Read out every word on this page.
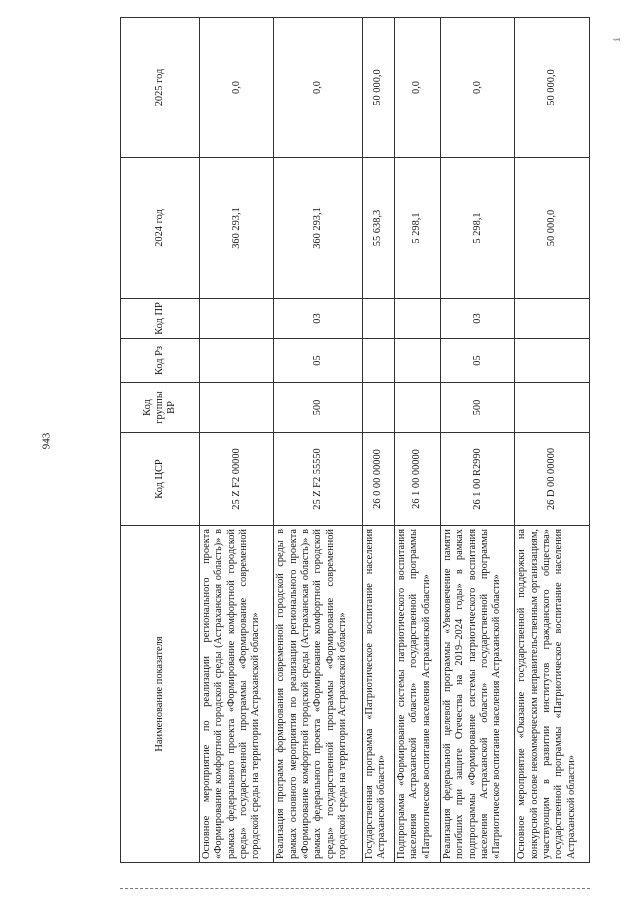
943
ℹ
Наименование показателя	Код ЦСР	Код группы ВР	Код Рз	Код ПР	2024 год	2025 год
Основное мероприятие по реализации регионального проекта «Формирование комфортной городской среды (Астраханская область)» в рамках федерального проекта «Формирование комфортной городской среды» государственной программы «Формирование современной городской среды на территории Астраханской области»	25 Z F2 00000				360 293,1	0,0
Реализация программ формирования современной городской среды в рамках основного мероприятия по реализации регионального проекта «Формирование комфортной городской среды (Астраханская область)» в рамках федерального проекта «Формирование комфортной городской среды» государственной программы «Формирование современной городской среды на территории Астраханской области»	25 Z F2 55550	500	05	03	360 293,1	0,0
Государственная программа «Патриотическое воспитание населения Астраханской области»	26 0 00 00000				55 638,3	50 000,0
Подпрограмма «Формирование системы патриотического воспитания населения Астраханской области» государственной программы «Патриотическое воспитание населения Астраханской области»	26 1 00 00000				5 298,1	0,0
Реализация федеральной целевой программы «Увековечение памяти погибших при защите Отечества на 2019–2024 годы» в рамках подпрограммы «Формирование системы патриотического воспитания населения Астраханской области» государственной программы «Патриотическое воспитание населения Астраханской области»	26 1 00 R2990	500	05	03	5 298,1	0,0
Основное мероприятие «Оказание государственной поддержки на конкурсной основе некоммерческим неправительственным организациям, участвующим в развитии институтов гражданского общества» государственной программы «Патриотическое воспитание населения Астраханской области»	26 D 00 00000				50 000,0	50 000,0
